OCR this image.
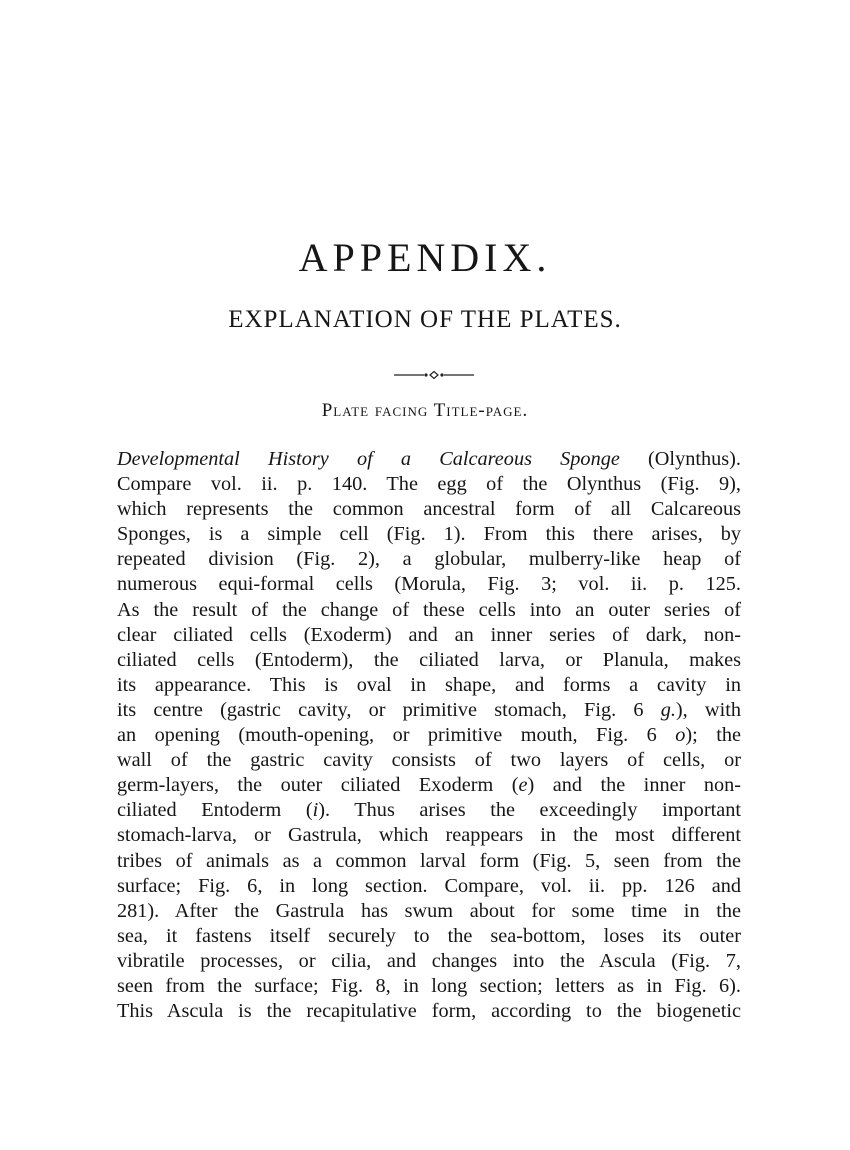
APPENDIX.
EXPLANATION OF THE PLATES.
Plate facing Title-page.
Developmental History of a Calcareous Sponge (Olynthus).
Compare vol. ii. p. 140. The egg of the Olynthus (Fig. 9),
which represents the common ancestral form of all Calcareous
Sponges, is a simple cell (Fig. 1). From this there arises, by
repeated division (Fig. 2), a globular, mulberry-like heap of
numerous equi-formal cells (Morula, Fig. 3; vol. ii. p. 125.
As the result of the change of these cells into an outer series of
clear ciliated cells (Exoderm) and an inner series of dark, non-
ciliated cells (Entoderm), the ciliated larva, or Planula, makes
its appearance. This is oval in shape, and forms a cavity in
its centre (gastric cavity, or primitive stomach, Fig. 6 g.), with
an opening (mouth-opening, or primitive mouth, Fig. 6 o); the
wall of the gastric cavity consists of two layers of cells, or
germ-layers, the outer ciliated Exoderm (e) and the inner non-
ciliated Entoderm (i). Thus arises the exceedingly important
stomach-larva, or Gastrula, which reappears in the most different
tribes of animals as a common larval form (Fig. 5, seen from the
surface; Fig. 6, in long section. Compare, vol. ii. pp. 126 and
281). After the Gastrula has swum about for some time in the
sea, it fastens itself securely to the sea-bottom, loses its outer
vibratile processes, or cilia, and changes into the Ascula (Fig. 7,
seen from the surface; Fig. 8, in long section; letters as in Fig. 6).
This Ascula is the recapitulative form, according to the biogenetic
